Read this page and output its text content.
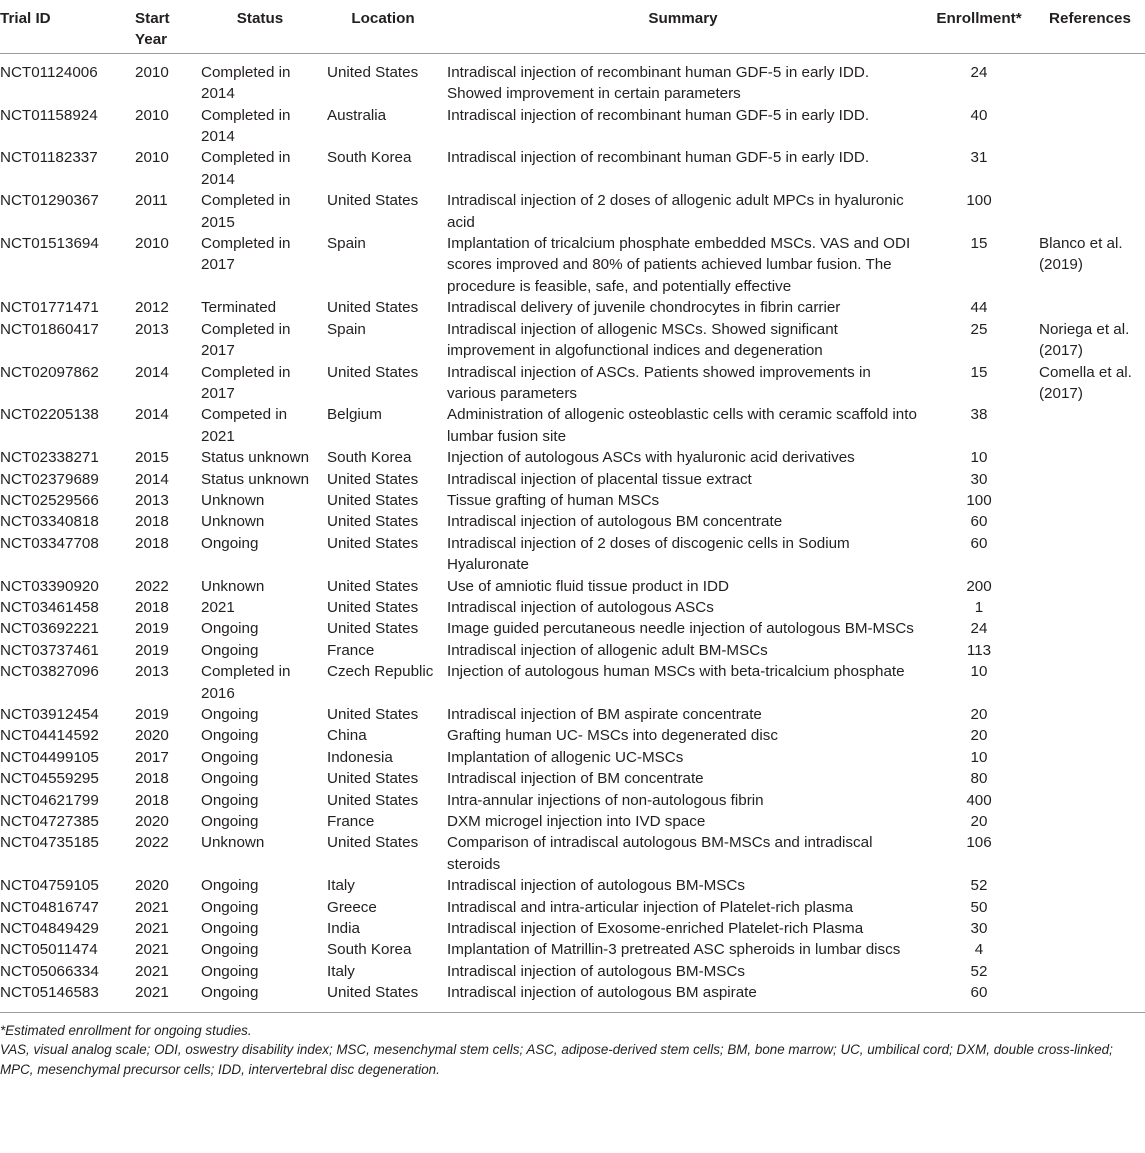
Trial ID	Start Year	Status	Location	Summary	Enrollment*	References
NCT01124006	2010	Completed in 2014	United States	Intradiscal injection of recombinant human GDF-5 in early IDD. Showed improvement in certain parameters	24	
NCT01158924	2010	Completed in 2014	Australia	Intradiscal injection of recombinant human GDF-5 in early IDD.	40	
NCT01182337	2010	Completed in 2014	South Korea	Intradiscal injection of recombinant human GDF-5 in early IDD.	31	
NCT01290367	2011	Completed in 2015	United States	Intradiscal injection of 2 doses of allogenic adult MPCs in hyaluronic acid	100	
NCT01513694	2010	Completed in 2017	Spain	Implantation of tricalcium phosphate embedded MSCs. VAS and ODI scores improved and 80% of patients achieved lumbar fusion. The procedure is feasible, safe, and potentially effective	15	Blanco et al. (2019)
NCT01771471	2012	Terminated	United States	Intradiscal delivery of juvenile chondrocytes in fibrin carrier	44	
NCT01860417	2013	Completed in 2017	Spain	Intradiscal injection of allogenic MSCs. Showed significant improvement in algofunctional indices and degeneration	25	Noriega et al. (2017)
NCT02097862	2014	Completed in 2017	United States	Intradiscal injection of ASCs. Patients showed improvements in various parameters	15	Comella et al. (2017)
NCT02205138	2014	Competed in 2021	Belgium	Administration of allogenic osteoblastic cells with ceramic scaffold into lumbar fusion site	38	
NCT02338271	2015	Status unknown	South Korea	Injection of autologous ASCs with hyaluronic acid derivatives	10	
NCT02379689	2014	Status unknown	United States	Intradiscal injection of placental tissue extract	30	
NCT02529566	2013	Unknown	United States	Tissue grafting of human MSCs	100	
NCT03340818	2018	Unknown	United States	Intradiscal injection of autologous BM concentrate	60	
NCT03347708	2018	Ongoing	United States	Intradiscal injection of 2 doses of discogenic cells in Sodium Hyaluronate	60	
NCT03390920	2022	Unknown	United States	Use of amniotic fluid tissue product in IDD	200	
NCT03461458	2018	2021	United States	Intradiscal injection of autologous ASCs	1	
NCT03692221	2019	Ongoing	United States	Image guided percutaneous needle injection of autologous BM-MSCs	24	
NCT03737461	2019	Ongoing	France	Intradiscal injection of allogenic adult BM-MSCs	113	
NCT03827096	2013	Completed in 2016	Czech Republic	Injection of autologous human MSCs with beta-tricalcium phosphate	10	
NCT03912454	2019	Ongoing	United States	Intradiscal injection of BM aspirate concentrate	20	
NCT04414592	2020	Ongoing	China	Grafting human UC- MSCs into degenerated disc	20	
NCT04499105	2017	Ongoing	Indonesia	Implantation of allogenic UC-MSCs	10	
NCT04559295	2018	Ongoing	United States	Intradiscal injection of BM concentrate	80	
NCT04621799	2018	Ongoing	United States	Intra-annular injections of non-autologous fibrin	400	
NCT04727385	2020	Ongoing	France	DXM microgel injection into IVD space	20	
NCT04735185	2022	Unknown	United States	Comparison of intradiscal autologous BM-MSCs and intradiscal steroids	106	
NCT04759105	2020	Ongoing	Italy	Intradiscal injection of autologous BM-MSCs	52	
NCT04816747	2021	Ongoing	Greece	Intradiscal and intra-articular injection of Platelet-rich plasma	50	
NCT04849429	2021	Ongoing	India	Intradiscal injection of Exosome-enriched Platelet-rich Plasma	30	
NCT05011474	2021	Ongoing	South Korea	Implantation of Matrillin-3 pretreated ASC spheroids in lumbar discs	4	
NCT05066334	2021	Ongoing	Italy	Intradiscal injection of autologous BM-MSCs	52	
NCT05146583	2021	Ongoing	United States	Intradiscal injection of autologous BM aspirate	60	
*Estimated enrollment for ongoing studies.
VAS, visual analog scale; ODI, oswestry disability index; MSC, mesenchymal stem cells; ASC, adipose-derived stem cells; BM, bone marrow; UC, umbilical cord; DXM, double cross-linked; MPC, mesenchymal precursor cells; IDD, intervertebral disc degeneration.
